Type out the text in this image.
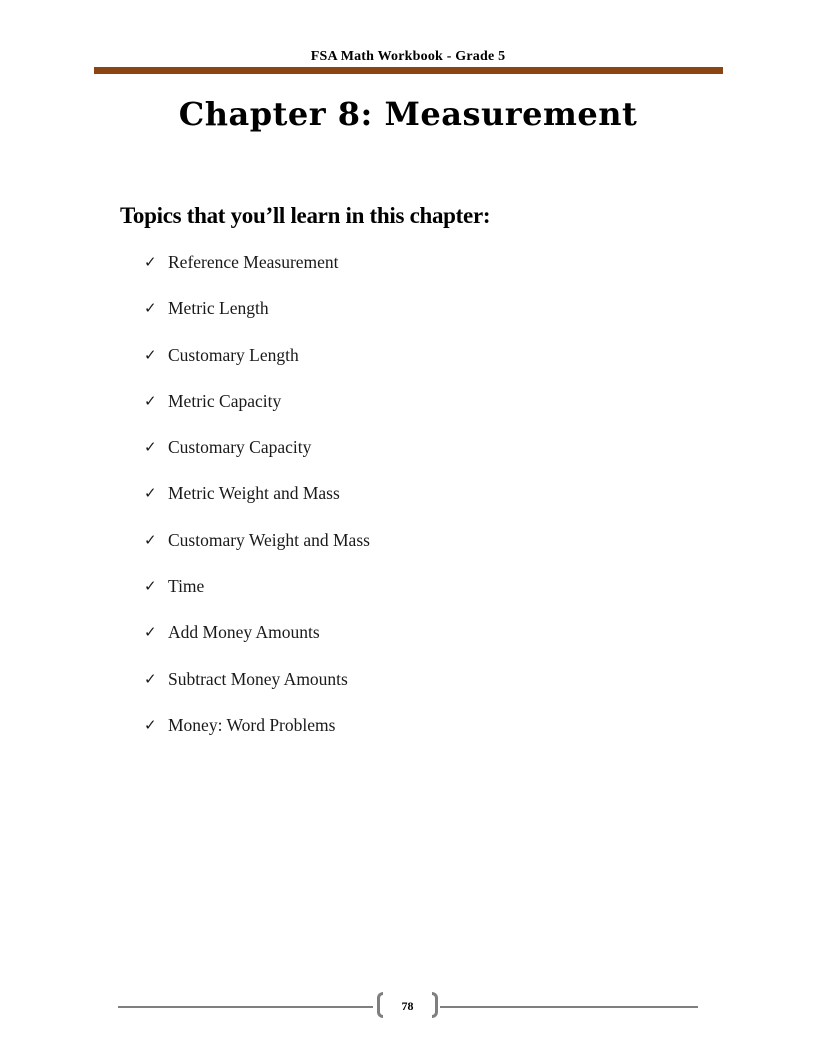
FSA Math Workbook - Grade 5
Chapter 8: Measurement
Topics that you’ll learn in this chapter:
✓ Reference Measurement
✓ Metric Length
✓ Customary Length
✓ Metric Capacity
✓ Customary Capacity
✓ Metric Weight and Mass
✓ Customary Weight and Mass
✓ Time
✓ Add Money Amounts
✓ Subtract Money Amounts
✓ Money: Word Problems
78
